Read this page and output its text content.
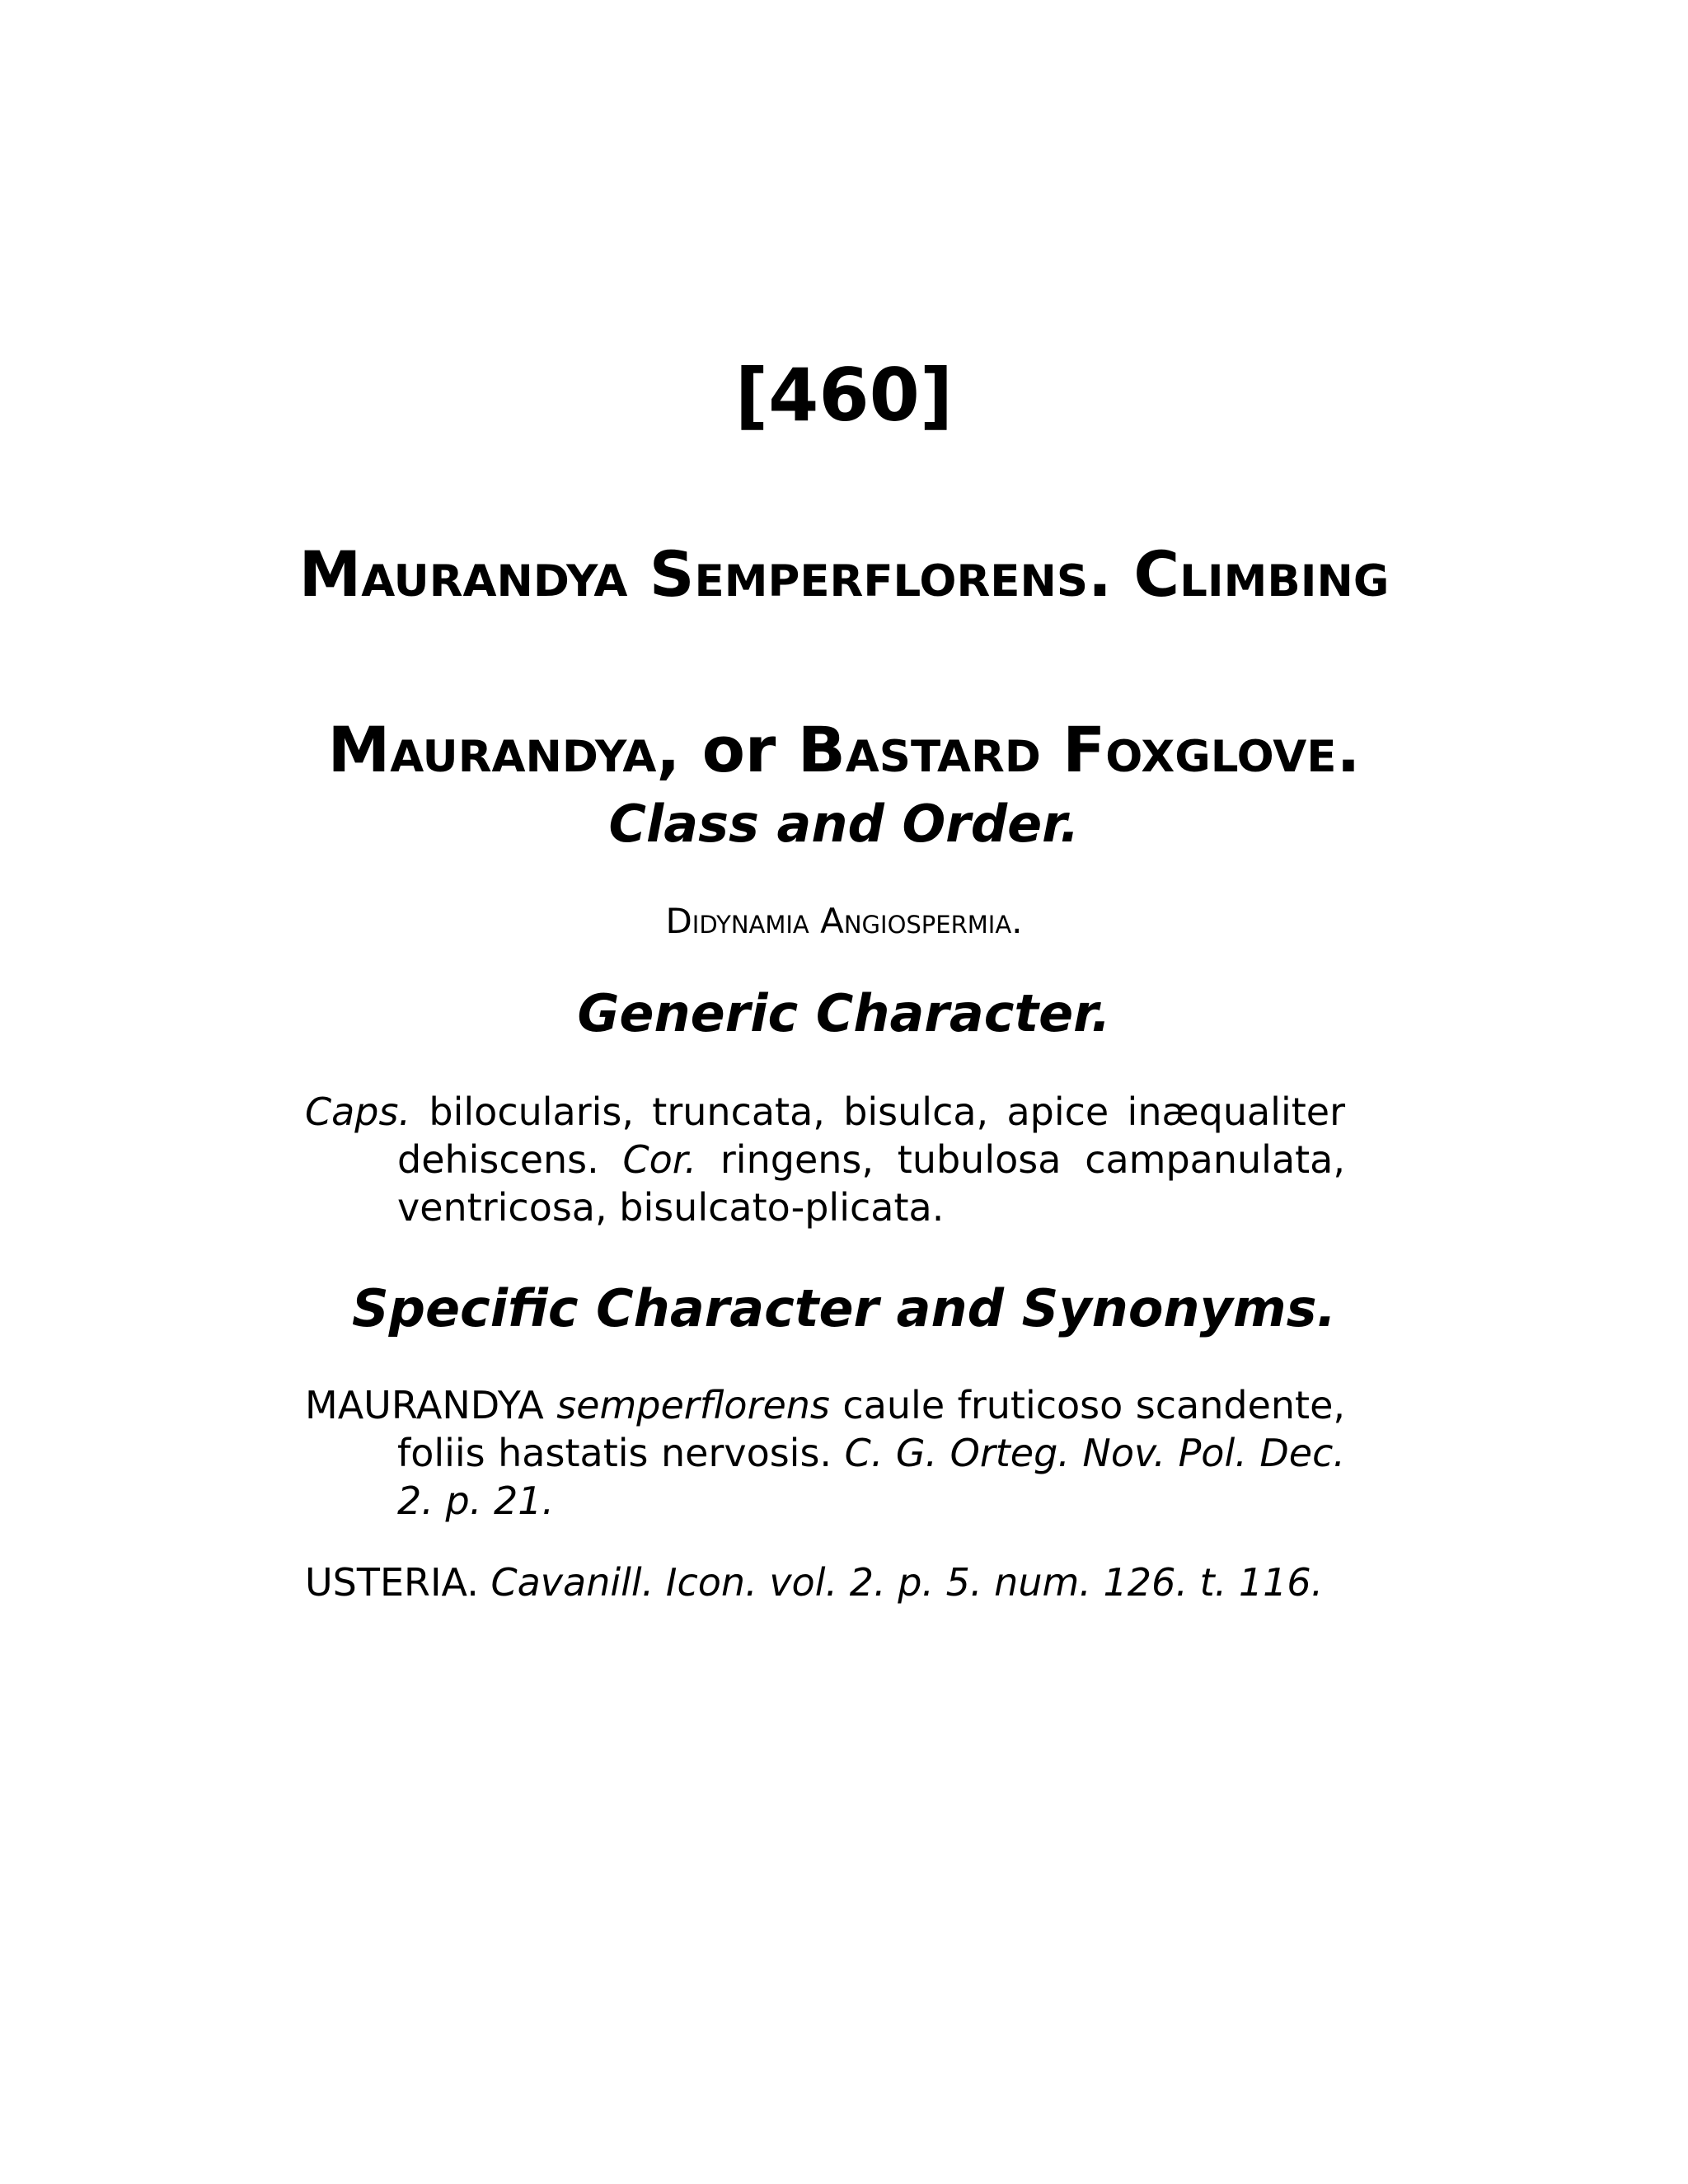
[460]
Maurandya Semperflorens. Climbing
Maurandya, or Bastard Foxglove.
Class and Order.

Didynamia Angiospermia.

Generic Character.

Caps. bilocularis, truncata, bisulca, apice inæqualiter dehiscens. Cor. ringens, tubulosa campanulata, ventricosa, bisulcato-plicata.

Specific Character and Synonyms.

MAURANDYA semperflorens caule fruticoso scandente, foliis hastatis nervosis. C. G. Orteg. Nov. Pol. Dec. 2. p. 21.

USTERIA. Cavanill. Icon. vol. 2. p. 5. num. 126. t. 116.
